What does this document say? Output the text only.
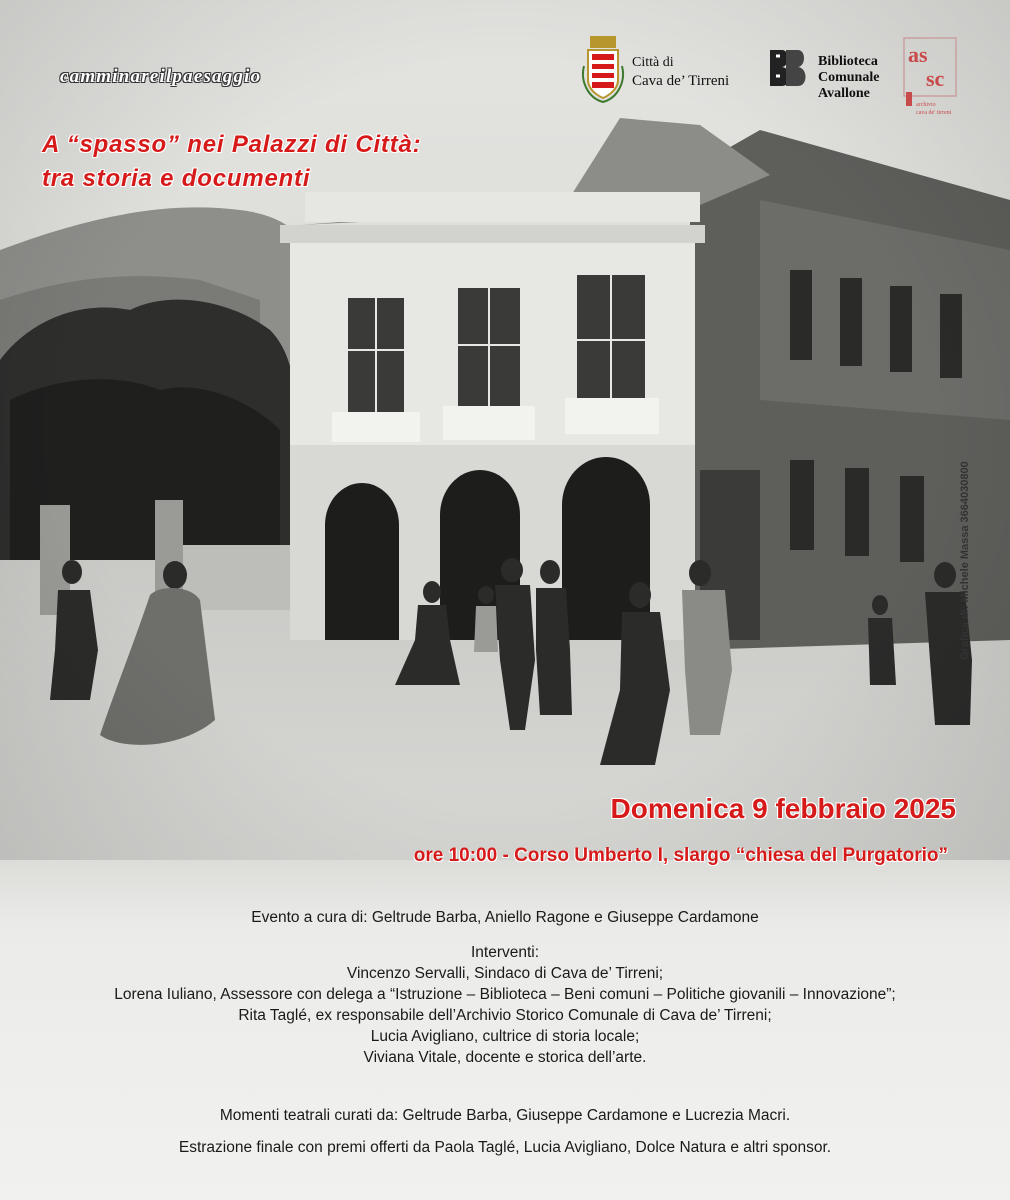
camminareilpaesaggio
A “spasso” nei Palazzi di Città:
tra storia e documenti
Città di
Cava de’ Tirreni
Biblioteca
Comunale
Avallone
as
sc
archivio
cava de' tirreni
Grafica di: Michele Massa 3664030800
Domenica 9 febbraio 2025
ore 10:00 - Corso Umberto I, slargo “chiesa del Purgatorio”
Evento a cura di: Geltrude Barba, Aniello Ragone e Giuseppe Cardamone
Interventi:
Vincenzo Servalli, Sindaco di Cava de’ Tirreni;
Lorena Iuliano, Assessore con delega a “Istruzione – Biblioteca – Beni comuni – Politiche giovanili – Innovazione”;
Rita Taglé, ex responsabile dell’Archivio Storico Comunale di Cava de’ Tirreni;
Lucia Avigliano, cultrice di storia locale;
Viviana Vitale, docente e storica dell’arte.
Momenti teatrali curati da: Geltrude Barba, Giuseppe Cardamone e Lucrezia Macri.
Estrazione finale con premi offerti da Paola Taglé, Lucia Avigliano, Dolce Natura e altri sponsor.
